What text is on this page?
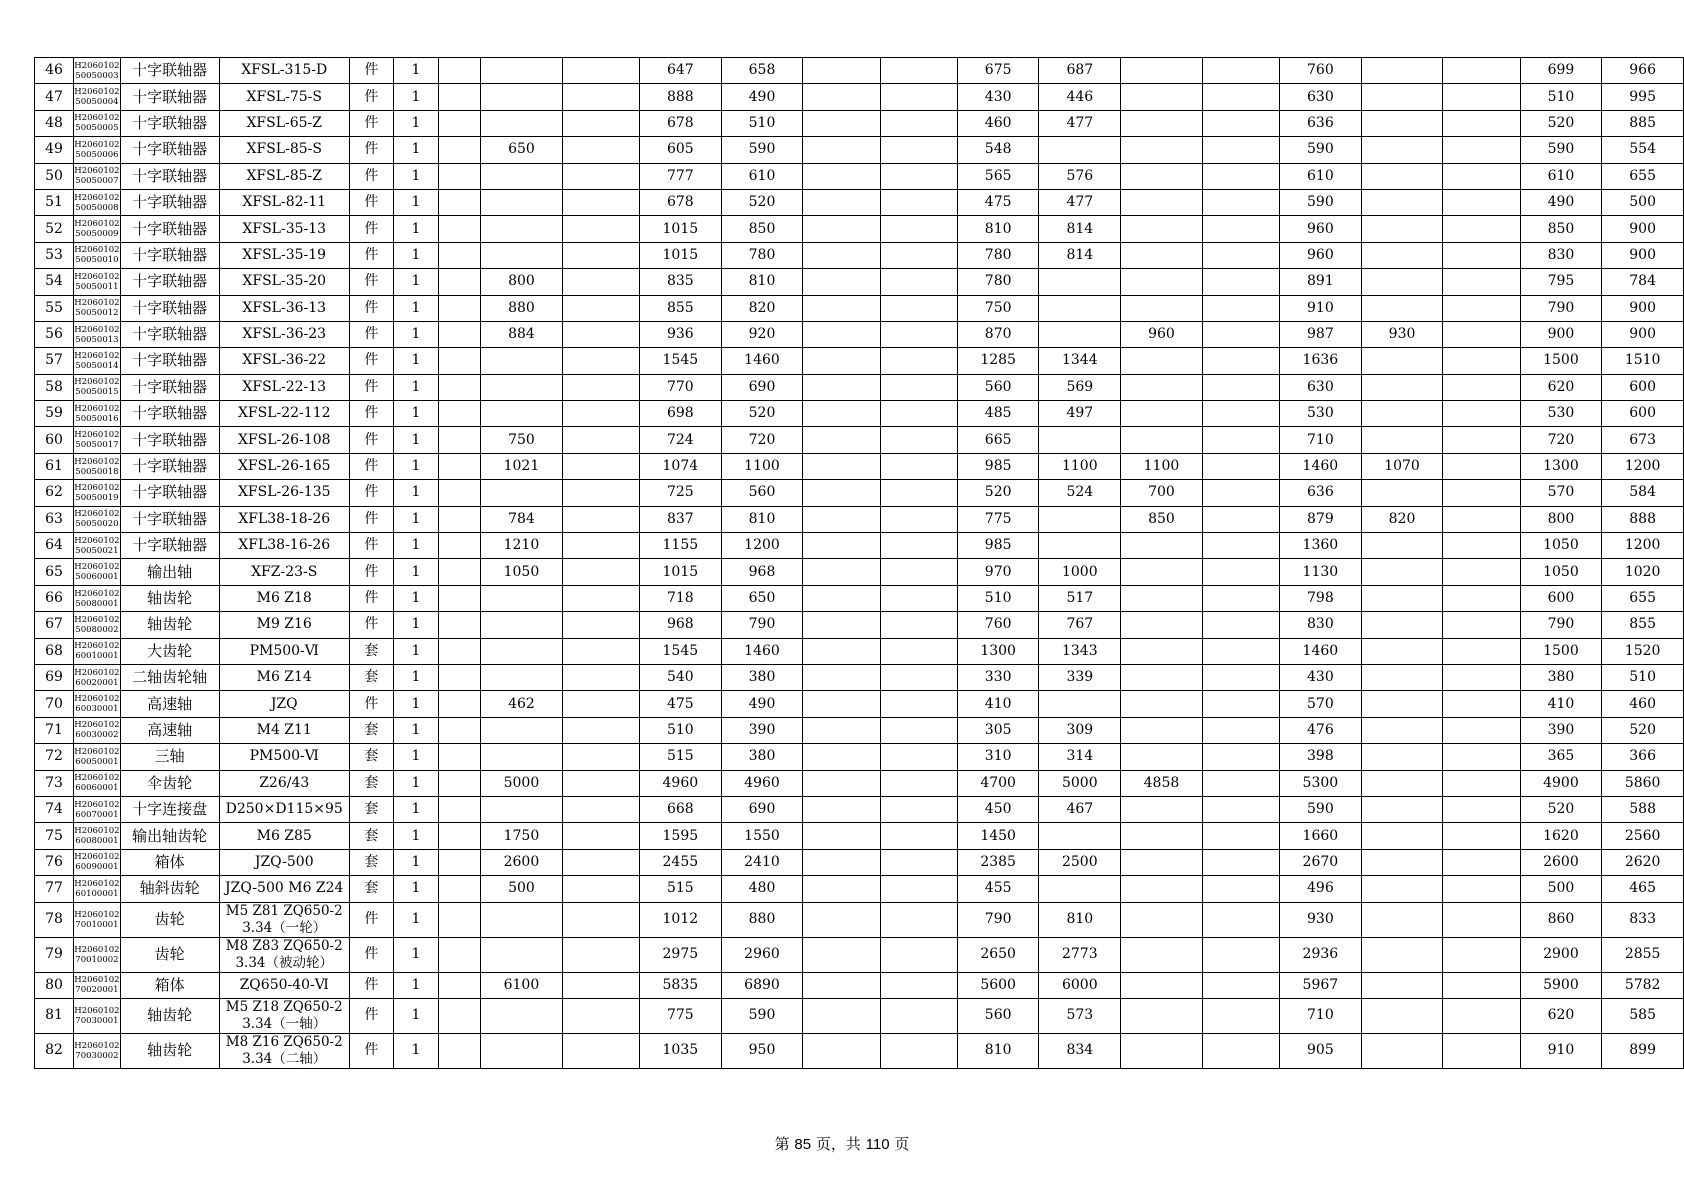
46	H206010250050003	十字联轴器	XFSL-315-D	件	1				647	658			675	687			760			699	966
47	H206010250050004	十字联轴器	XFSL-75-S	件	1				888	490			430	446			630			510	995
48	H206010250050005	十字联轴器	XFSL-65-Z	件	1				678	510			460	477			636			520	885
49	H206010250050006	十字联轴器	XFSL-85-S	件	1		650		605	590			548				590			590	554
50	H206010250050007	十字联轴器	XFSL-85-Z	件	1				777	610			565	576			610			610	655
51	H206010250050008	十字联轴器	XFSL-82-11	件	1				678	520			475	477			590			490	500
52	H206010250050009	十字联轴器	XFSL-35-13	件	1				1015	850			810	814			960			850	900
53	H206010250050010	十字联轴器	XFSL-35-19	件	1				1015	780			780	814			960			830	900
54	H206010250050011	十字联轴器	XFSL-35-20	件	1		800		835	810			780				891			795	784
55	H206010250050012	十字联轴器	XFSL-36-13	件	1		880		855	820			750				910			790	900
56	H206010250050013	十字联轴器	XFSL-36-23	件	1		884		936	920			870		960		987	930		900	900
57	H206010250050014	十字联轴器	XFSL-36-22	件	1				1545	1460			1285	1344			1636			1500	1510
58	H206010250050015	十字联轴器	XFSL-22-13	件	1				770	690			560	569			630			620	600
59	H206010250050016	十字联轴器	XFSL-22-112	件	1				698	520			485	497			530			530	600
60	H206010250050017	十字联轴器	XFSL-26-108	件	1		750		724	720			665				710			720	673
61	H206010250050018	十字联轴器	XFSL-26-165	件	1		1021		1074	1100			985	1100	1100		1460	1070		1300	1200
62	H206010250050019	十字联轴器	XFSL-26-135	件	1				725	560			520	524	700		636			570	584
63	H206010250050020	十字联轴器	XFL38-18-26	件	1		784		837	810			775		850		879	820		800	888
64	H206010250050021	十字联轴器	XFL38-16-26	件	1		1210		1155	1200			985				1360			1050	1200
65	H206010250060001	输出轴	XFZ-23-S	件	1		1050		1015	968			970	1000			1130			1050	1020
66	H206010250080001	轴齿轮	M6 Z18	件	1				718	650			510	517			798			600	655
67	H206010250080002	轴齿轮	M9 Z16	件	1				968	790			760	767			830			790	855
68	H206010260010001	大齿轮	PM500-Ⅵ	套	1				1545	1460			1300	1343			1460			1500	1520
69	H206010260020001	二轴齿轮轴	M6 Z14	套	1				540	380			330	339			430			380	510
70	H206010260030001	高速轴	JZQ	件	1		462		475	490			410				570			410	460
71	H206010260030002	高速轴	M4 Z11	套	1				510	390			305	309			476			390	520
72	H206010260050001	三轴	PM500-Ⅵ	套	1				515	380			310	314			398			365	366
73	H206010260060001	伞齿轮	Z26/43	套	1		5000		4960	4960			4700	5000	4858		5300			4900	5860
74	H206010260070001	十字连接盘	D250×D115×95	套	1				668	690			450	467			590			520	588
75	H206010260080001	输出轴齿轮	M6 Z85	套	1		1750		1595	1550			1450				1660			1620	2560
76	H206010260090001	箱体	JZQ-500	套	1		2600		2455	2410			2385	2500			2670			2600	2620
77	H206010260100001	轴斜齿轮	JZQ-500 M6 Z24	套	1		500		515	480			455				496			500	465
78	H206010270010001	齿轮	M5 Z81 ZQ650-23.34（一轮）	件	1				1012	880			790	810			930			860	833
79	H206010270010002	齿轮	M8 Z83 ZQ650-23.34（被动轮）	件	1				2975	2960			2650	2773			2936			2900	2855
80	H206010270020001	箱体	ZQ650-40-Ⅵ	件	1		6100		5835	6890			5600	6000			5967			5900	5782
81	H206010270030001	轴齿轮	M5 Z18 ZQ650-23.34（一轴）	件	1				775	590			560	573			710			620	585
82	H206010270030002	轴齿轮	M8 Z16 ZQ650-23.34（二轴）	件	1				1035	950			810	834			905			910	899
第 85 页，共 110 页
